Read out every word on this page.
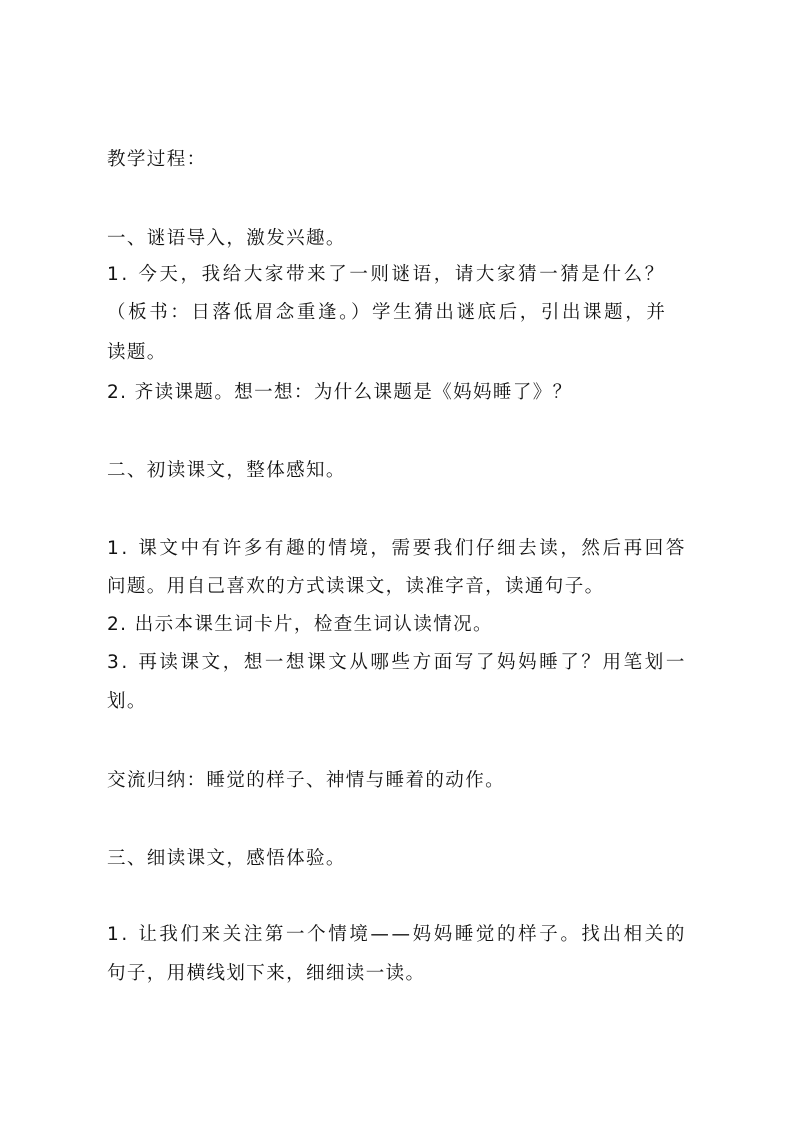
教学过程：
一、谜语导入，激发兴趣。
1. 今天，我给大家带来了一则谜语，请大家猜一猜是什么？
（板书：日落低眉念重逢。）学生猜出谜底后，引出课题，并
读题。
2. 齐读课题。想一想：为什么课题是《妈妈睡了》？
二、初读课文，整体感知。
1. 课文中有许多有趣的情境，需要我们仔细去读，然后再回答
问题。用自己喜欢的方式读课文，读准字音，读通句子。
2. 出示本课生词卡片，检查生词认读情况。
3. 再读课文，想一想课文从哪些方面写了妈妈睡了？用笔划一
划。
交流归纳：睡觉的样子、神情与睡着的动作。
三、细读课文，感悟体验。
1. 让我们来关注第一个情境——妈妈睡觉的样子。找出相关的
句子，用横线划下来，细细读一读。
